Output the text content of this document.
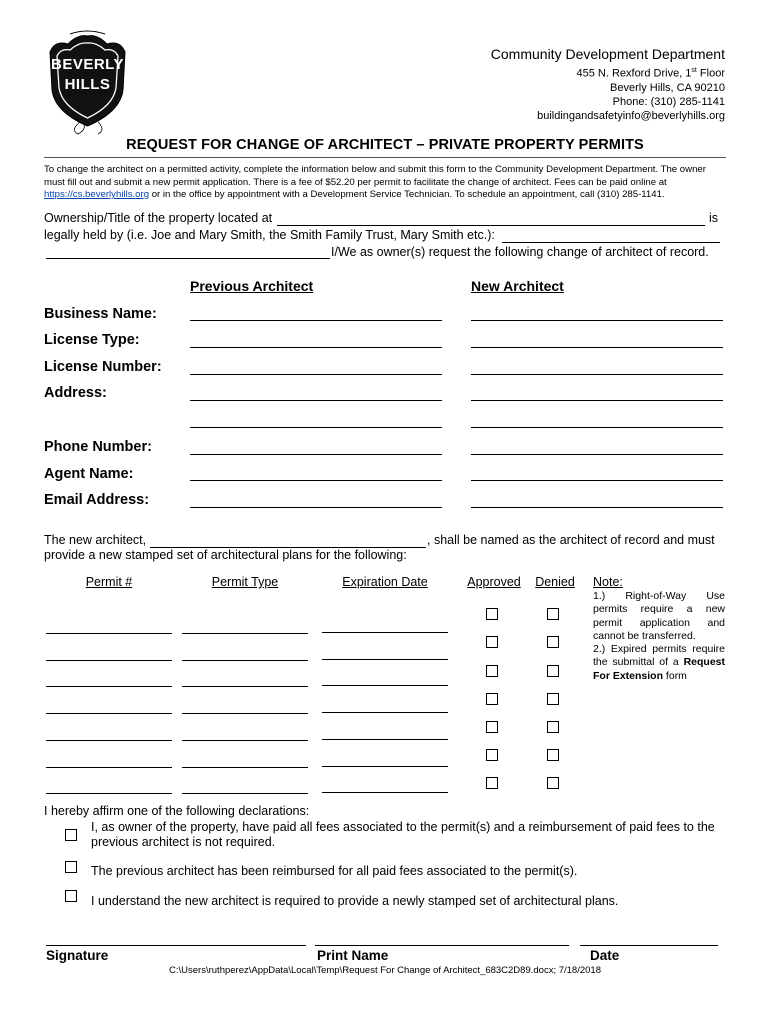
BEVERLY
HILLS
Community Development Department
455 N. Rexford Drive, 1st Floor
Beverly Hills, CA 90210
Phone: (310) 285-1141
buildingandsafetyinfo@beverlyhills.org
REQUEST FOR CHANGE OF ARCHITECT – PRIVATE PROPERTY PERMITS
To change the architect on a permitted activity, complete the information below and submit this form to the Community Development Department. The owner must fill out and submit a new permit application. There is a fee of $52.20 per permit to facilitate the change of architect. Fees can be paid online at https://cs.beverlyhills.org or in the office by appointment with a Development Service Technician. To schedule an appointment, call (310) 285-1141.
Ownership/Title of the property located at	is
legally held by (i.e. Joe and Mary Smith, the Smith Family Trust, Mary Smith etc.):
I/We as owner(s) request the following change of architect of record.
Previous Architect	New Architect
Business Name:
License Type:
License Number:
Address:
Phone Number:
Agent Name:
Email Address:
The new architect,	, shall be named as the architect of record and must
provide a new stamped set of architectural plans for the following:
Permit #	Permit Type	Expiration Date	Approved	Denied	Note:
1.) Right-of-Way Use permits require a new permit application and cannot be transferred.
2.) Expired permits require the submittal of a Request For Extension form
I hereby affirm one of the following declarations:
I, as owner of the property, have paid all fees associated to the permit(s) and a reimbursement of paid fees to the previous architect is not required.
The previous architect has been reimbursed for all paid fees associated to the permit(s).
I understand the new architect is required to provide a newly stamped set of architectural plans.
Signature	Print Name	Date
C:\Users\ruthperez\AppData\Local\Temp\Request For Change of Architect_683C2D89.docx; 7/18/2018
